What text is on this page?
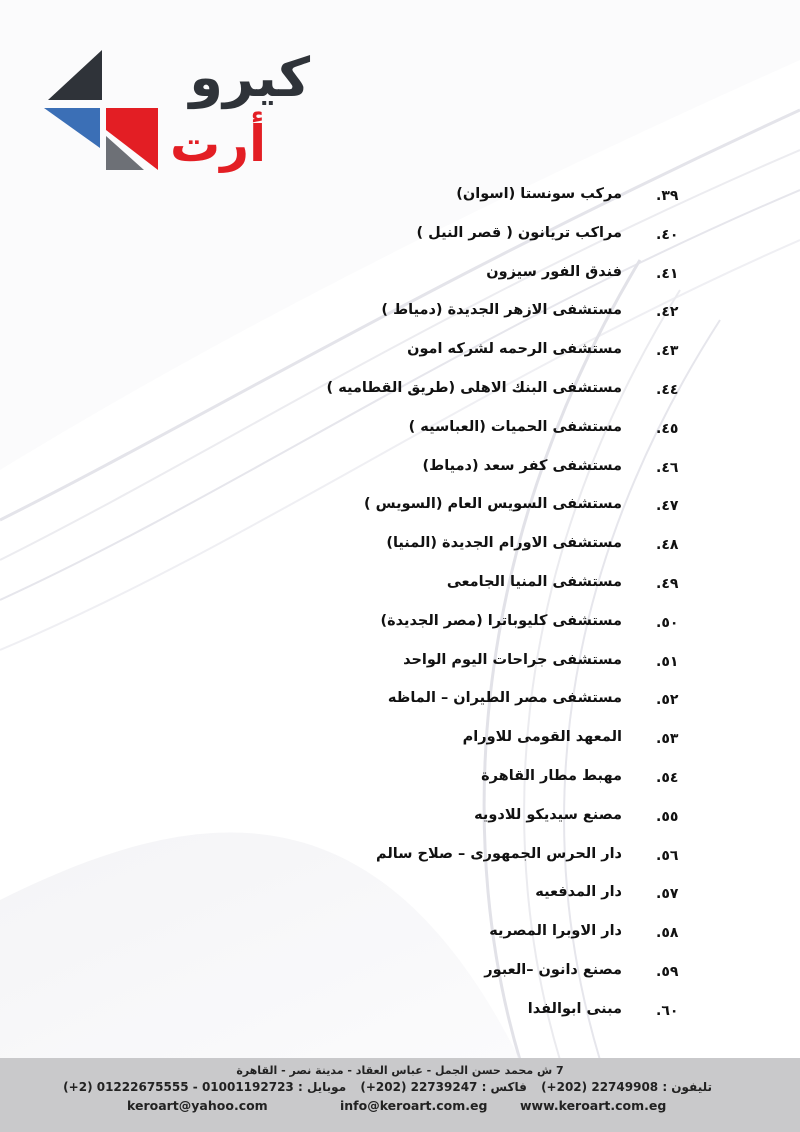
كيرو
أرت
.٣٩
مركب سونستا (اسوان)
.٤٠
مراكب تريانون ( قصر النيل )
.٤١
فندق الفور سيزون
.٤٢
مستشفى الازهر الجديدة (دمياط )
.٤٣
مستشفى الرحمه لشركه امون
.٤٤
مستشفى البنك الاهلى (طريق القطاميه )
.٤٥
مستشفى الحميات (العباسيه )
.٤٦
مستشفى كفر سعد (دمياط)
.٤٧
مستشفى السويس العام (السويس )
.٤٨
مستشفى الاورام الجديدة (المنيا)
.٤٩
مستشفى المنيا الجامعى
.٥٠
مستشفى كليوباترا (مصر الجديدة)
.٥١
مستشفى جراحات اليوم الواحد
.٥٢
مستشفى مصر الطيران – الماظه
.٥٣
المعهد القومى للاورام
.٥٤
مهبط مطار القاهرة
.٥٥
مصنع سيديكو للادويه
.٥٦
دار الحرس الجمهورى – صلاح سالم
.٥٧
دار المدفعيه
.٥٨
دار الاوبرا المصريه
.٥٩
مصنع دانون –العبور
.٦٠
مبنى ابوالفدا
7 ش محمد حسن الجمل - عباس العقاد - مدينة نصر - القاهرة
تليفون : 22749908 (202+) فاكس : 22739247 (202+) موبايل : 01001192723 - 01222675555 (2+)
keroart@yahoo.com	info@keroart.com.eg	www.keroart.com.eg
